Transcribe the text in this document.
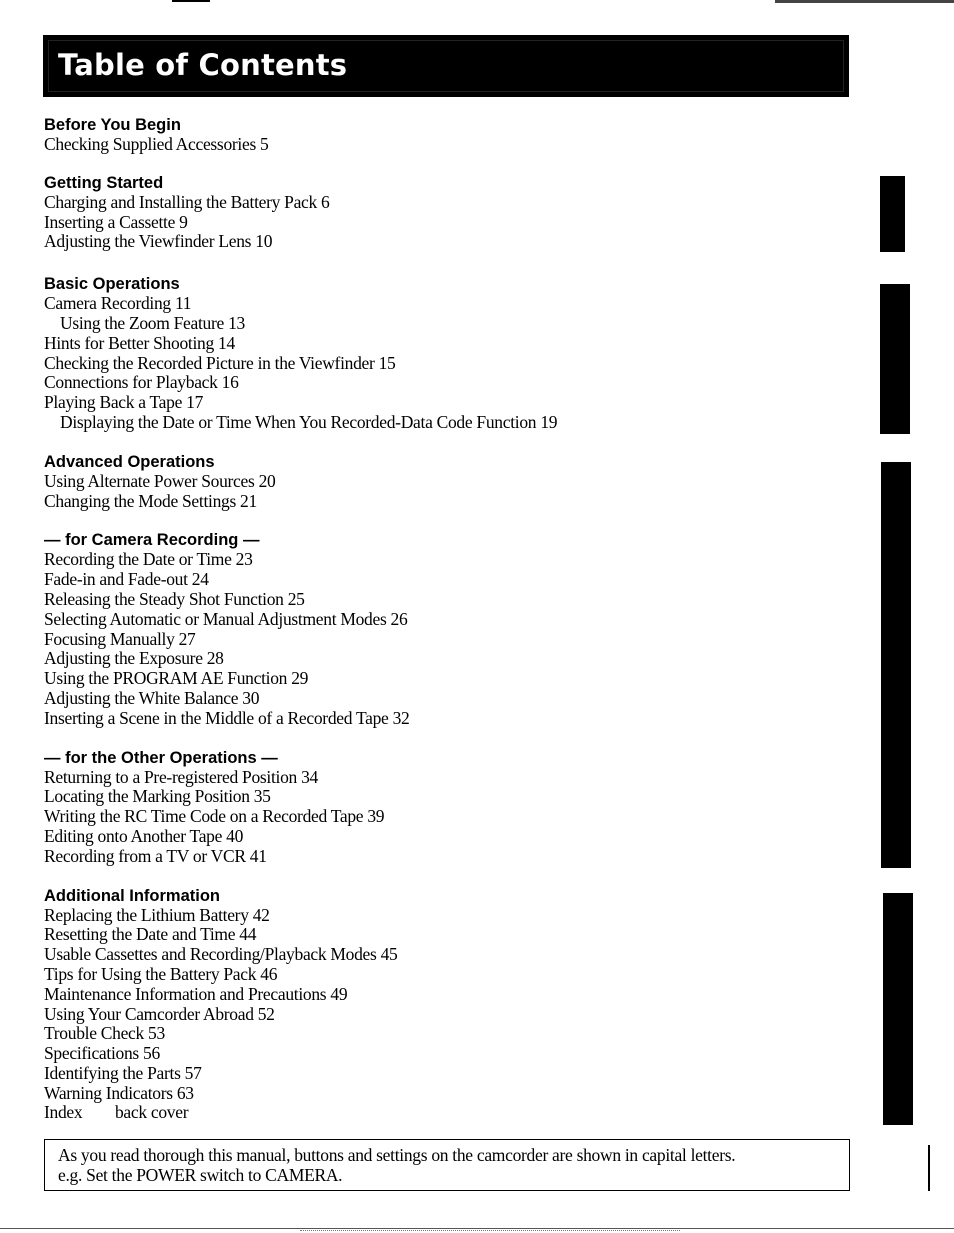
Table of Contents
Before You Begin
Checking Supplied Accessories 5
Getting Started
Charging and Installing the Battery Pack 6
Inserting a Cassette 9
Adjusting the Viewfinder Lens 10
Basic Operations
Camera Recording 11
Using the Zoom Feature 13
Hints for Better Shooting 14
Checking the Recorded Picture in the Viewfinder 15
Connections for Playback 16
Playing Back a Tape 17
Displaying the Date or Time When You Recorded-Data Code Function 19
Advanced Operations
Using Alternate Power Sources 20
Changing the Mode Settings 21
— for Camera Recording —
Recording the Date or Time 23
Fade-in and Fade-out 24
Releasing the Steady Shot Function 25
Selecting Automatic or Manual Adjustment Modes 26
Focusing Manually 27
Adjusting the Exposure 28
Using the PROGRAM AE Function 29
Adjusting the White Balance 30
Inserting a Scene in the Middle of a Recorded Tape 32
— for the Other Operations —
Returning to a Pre-registered Position 34
Locating the Marking Position 35
Writing the RC Time Code on a Recorded Tape 39
Editing onto Another Tape 40
Recording from a TV or VCR 41
Additional Information
Replacing the Lithium Battery 42
Resetting the Date and Time 44
Usable Cassettes and Recording/Playback Modes 45
Tips for Using the Battery Pack 46
Maintenance Information and Precautions 49
Using Your Camcorder Abroad 52
Trouble Check 53
Specifications 56
Identifying the Parts 57
Warning Indicators 63
Index        back cover
As you read thorough this manual, buttons and settings on the camcorder are shown in capital letters.
e.g. Set the POWER switch to CAMERA.
